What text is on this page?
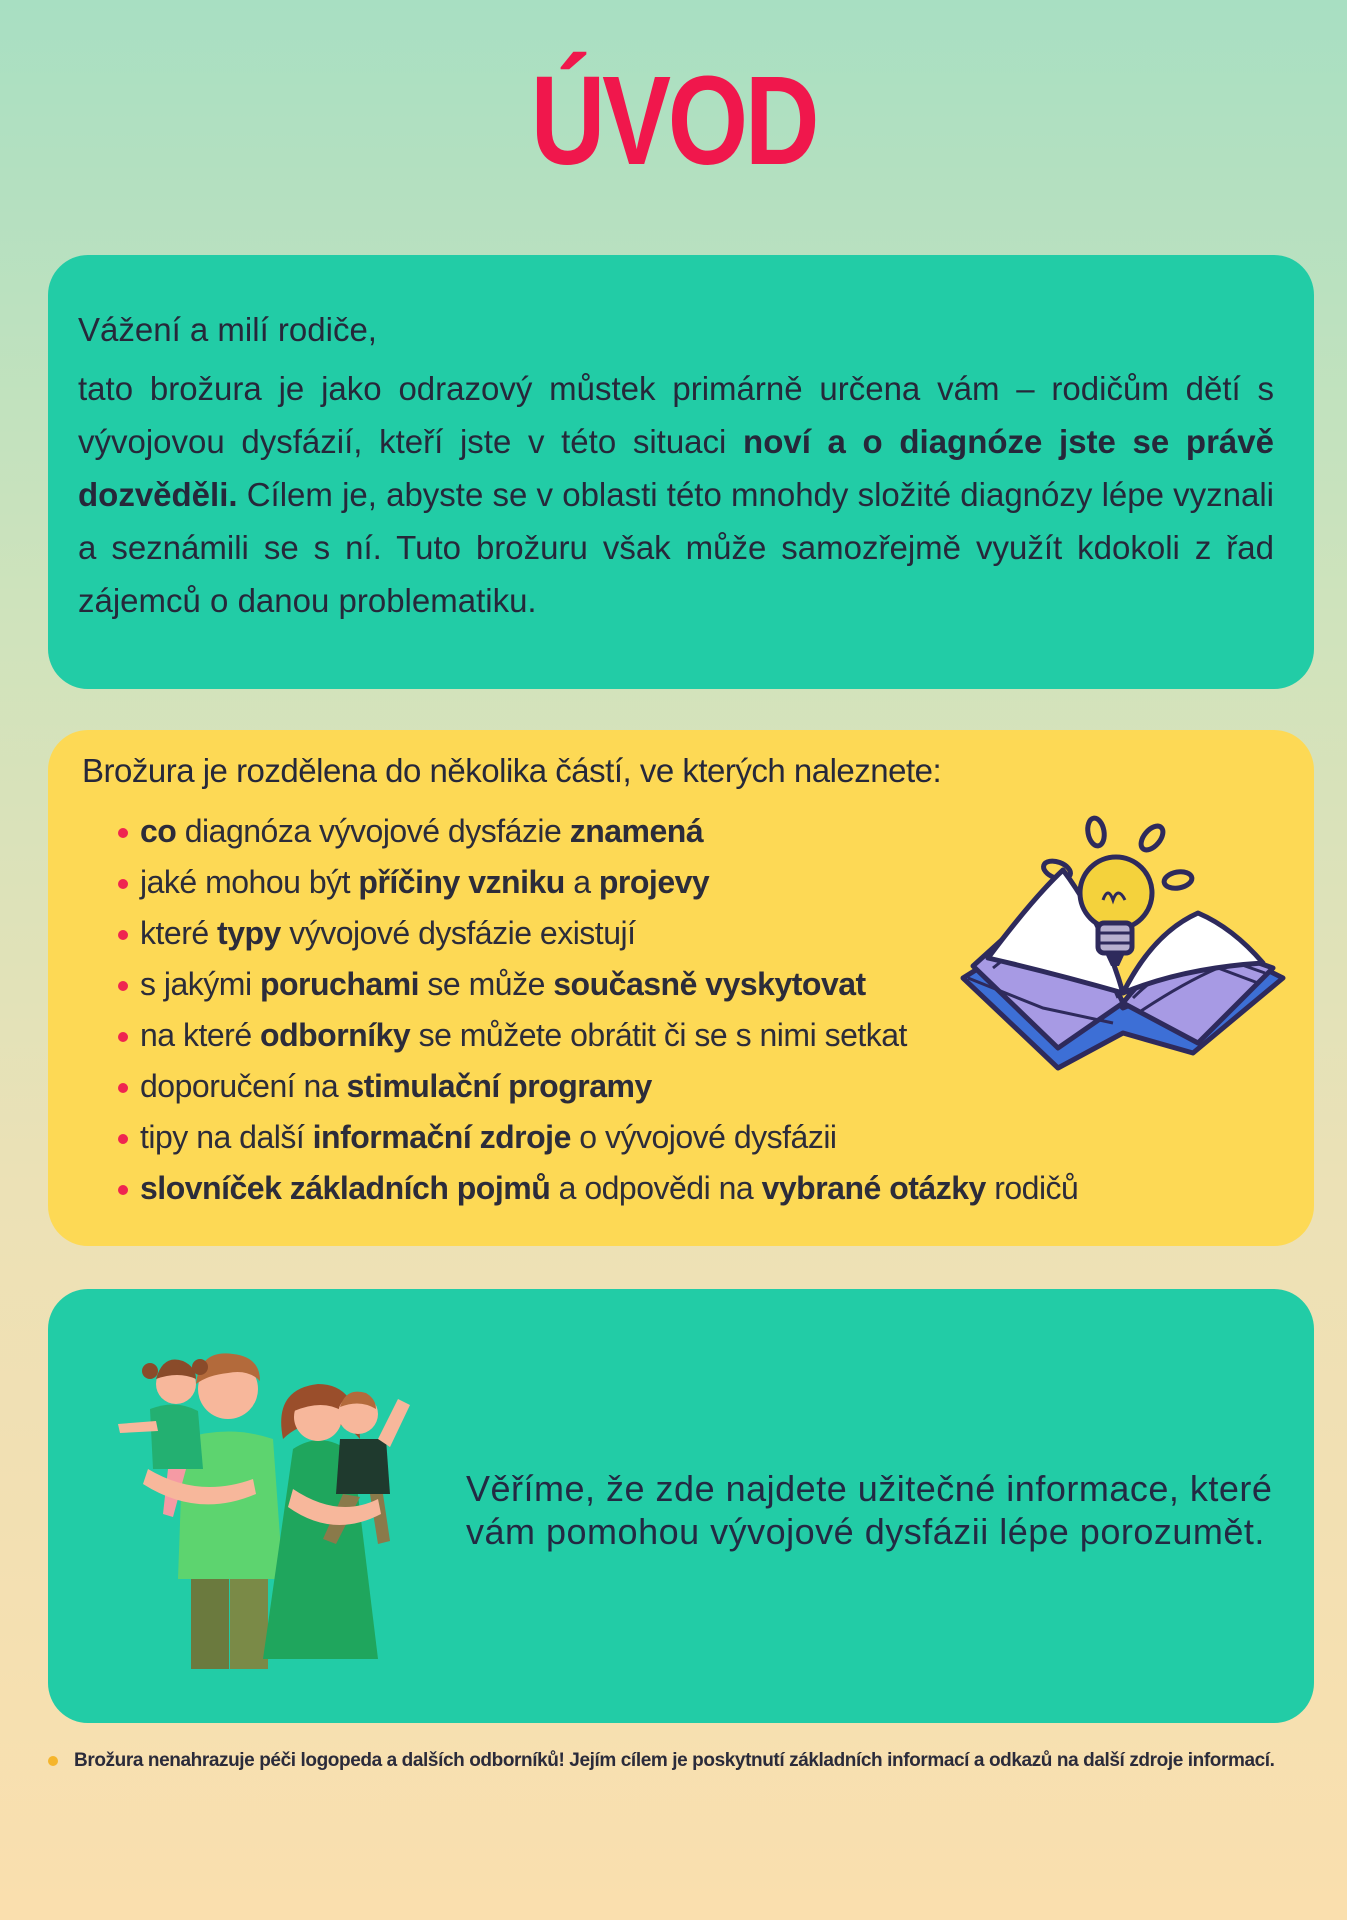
ÚVOD
Vážení a milí rodiče,
tato brožura je jako odrazový můstek primárně určena vám – rodičům dětí s vývojovou dysfázií, kteří jste v této situaci noví a o diagnóze jste se právě dozvěděli. Cílem je, abyste se v oblasti této mnohdy složité diagnózy lépe vyznali a seznámili se s ní. Tuto brožuru však může samozřejmě využít kdokoli z řad zájemců o danou problematiku.
Brožura je rozdělena do několika částí, ve kterých naleznete:
co diagnóza vývojové dysfázie znamená
jaké mohou být příčiny vzniku a projevy
které typy vývojové dysfázie existují
s jakými poruchami se může současně vyskytovat
na které odborníky se můžete obrátit či se s nimi setkat
doporučení na stimulační programy
tipy na další informační zdroje o vývojové dysfázii
slovníček základních pojmů a odpovědi na vybrané otázky rodičů
Věříme, že zde najdete užitečné informace, které vám pomohou vývojové dysfázii lépe porozumět.
Brožura nenahrazuje péči logopeda a dalších odborníků! Jejím cílem je poskytnutí základních informací a odkazů na další zdroje informací.
